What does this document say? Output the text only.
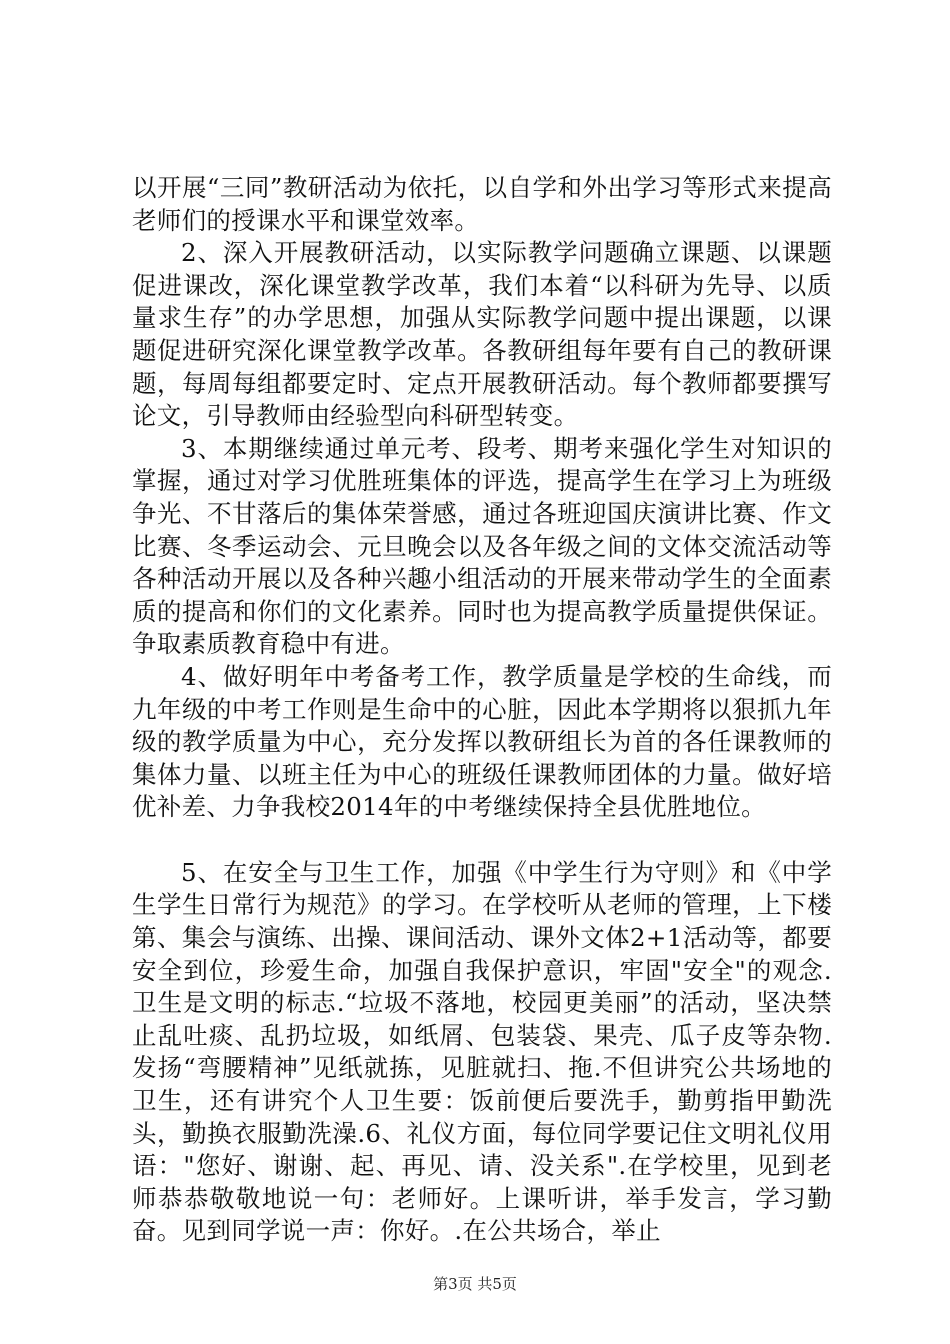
以开展“三同”教研活动为依托，以自学和外出学习等形式来提高老师们的授课水平和课堂效率。

2、深入开展教研活动，以实际教学问题确立课题、以课题促进课改，深化课堂教学改革，我们本着“以科研为先导、以质量求生存”的办学思想，加强从实际教学问题中提出课题，以课题促进研究深化课堂教学改革。各教研组每年要有自己的教研课题，每周每组都要定时、定点开展教研活动。每个教师都要撰写论文，引导教师由经验型向科研型转变。

3、本期继续通过单元考、段考、期考来强化学生对知识的掌握，通过对学习优胜班集体的评选，提高学生在学习上为班级争光、不甘落后的集体荣誉感，通过各班迎国庆演讲比赛、作文比赛、冬季运动会、元旦晚会以及各年级之间的文体交流活动等各种活动开展以及各种兴趣小组活动的开展来带动学生的全面素质的提高和你们的文化素养。同时也为提高教学质量提供保证。争取素质教育稳中有进。

4、做好明年中考备考工作，教学质量是学校的生命线，而九年级的中考工作则是生命中的心脏，因此本学期将以狠抓九年级的教学质量为中心，充分发挥以教研组长为首的各任课教师的集体力量、以班主任为中心的班级任课教师团体的力量。做好培优补差、力争我校2014年的中考继续保持全县优胜地位。

5、在安全与卫生工作，加强《中学生行为守则》和《中学生学生日常行为规范》的学习。在学校听从老师的管理，上下楼第、集会与演练、出操、课间活动、课外文体2+1活动等，都要安全到位，珍爱生命，加强自我保护意识，牢固"安全"的观念.卫生是文明的标志.“垃圾不落地，校园更美丽”的活动，坚决禁止乱吐痰、乱扔垃圾，如纸屑、包装袋、果壳、瓜子皮等杂物.发扬“弯腰精神”见纸就拣，见脏就扫、拖.不但讲究公共场地的卫生，还有讲究个人卫生要：饭前便后要洗手，勤剪指甲勤洗头，勤换衣服勤洗澡.6、礼仪方面，每位同学要记住文明礼仪用语："您好、谢谢、起、再见、请、没关系".在学校里，见到老师恭恭敬敬地说一句：老师好。上课听讲，举手发言，学习勤奋。见到同学说一声：你好。.在公共场合，举止

第3页 共5页
